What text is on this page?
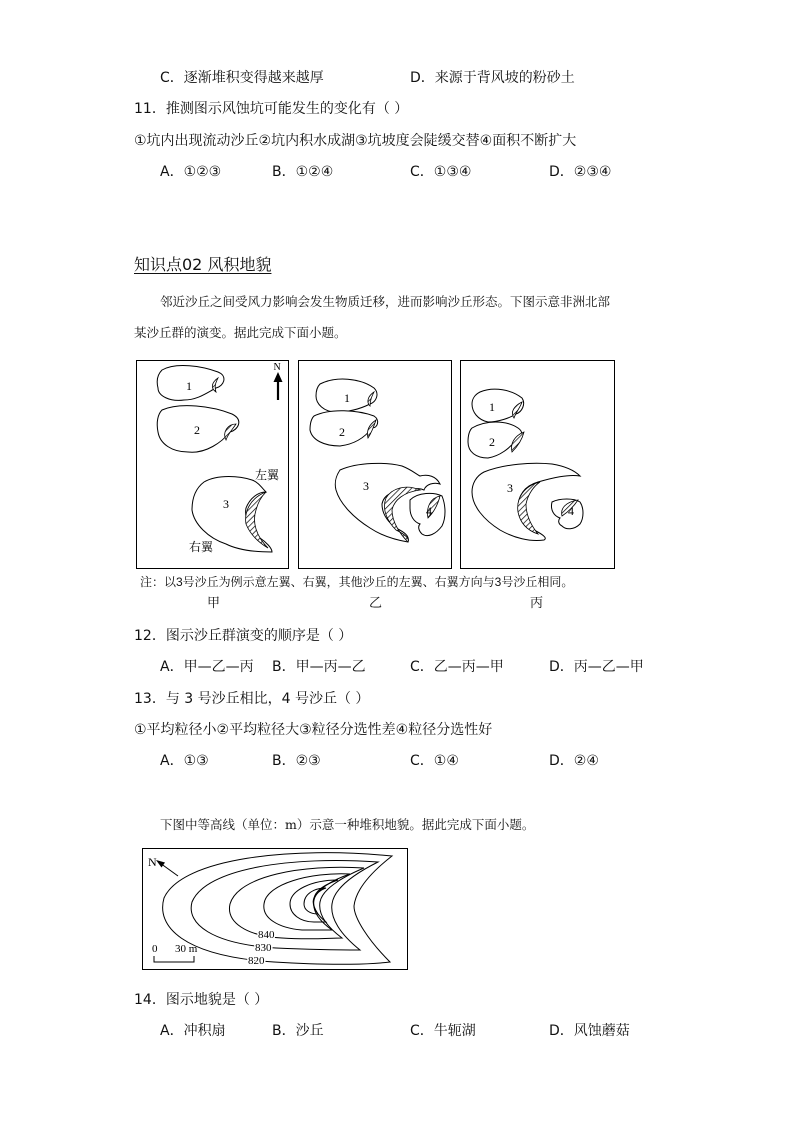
C．逐渐堆积变得越来越厚	D．来源于背风坡的粉砂土
11．推测图示风蚀坑可能发生的变化有（ ）
①坑内出现流动沙丘②坑内积水成湖③坑坡度会陡缓交替④面积不断扩大
A．①②③	B．①②④	C．①③④	D．②③④
知识点02 风积地貌
邻近沙丘之间受风力影响会发生物质迁移，进而影响沙丘形态。下图示意非洲北部
某沙丘群的演变。据此完成下面小题。
1
2
3
左翼
右翼
N
1
2
3
4
1
2
3
4
注：以3号沙丘为例示意左翼、右翼，其他沙丘的左翼、右翼方向与3号沙丘相同。
甲	乙	丙
12．图示沙丘群演变的顺序是（ ）
A．甲—乙—丙 B．甲—丙—乙	C．乙—丙—甲	D．丙—乙—甲
13．与 3 号沙丘相比，4 号沙丘（ ）
①平均粒径小②平均粒径大③粒径分选性差④粒径分选性好
A．①③	B．②③	C．①④	D．②④
下图中等高线（单位：m）示意一种堆积地貌。据此完成下面小题。
N
840
830
820
0 30 m
14．图示地貌是（ ）
A．冲积扇	B．沙丘	C．牛轭湖	D．风蚀蘑菇
